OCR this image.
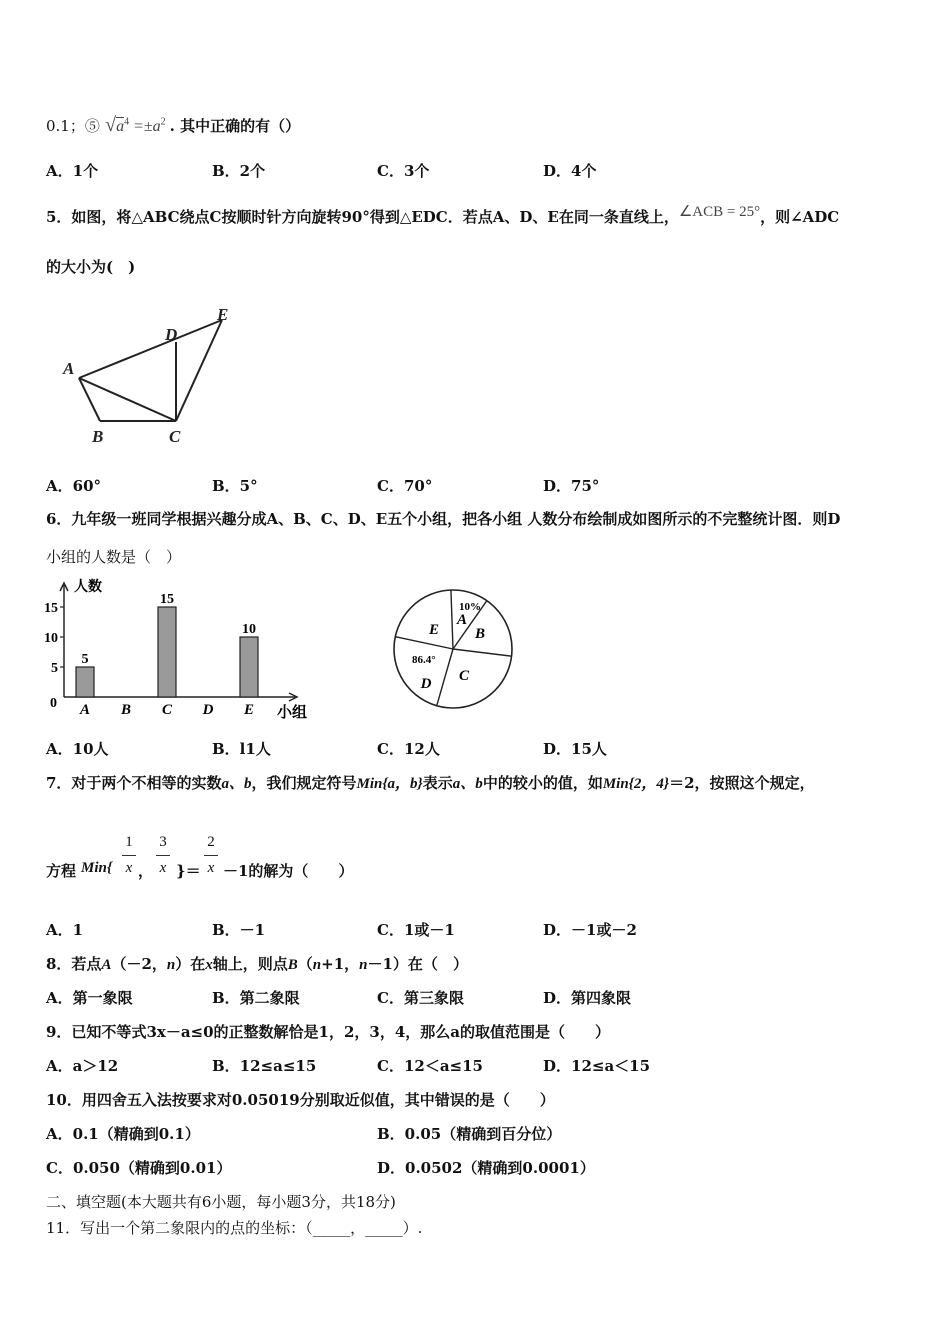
0.1；⑤ $√a^4 =\pm a^2$ . 其中正确的有（）
A．1个	B．2个	C．3个	D．4个
5．如图，将△ABC绕点C按顺时针方向旋转90°得到△EDC．若点A、D、E在同一条直线上，∠ACB = 25°，则∠ADC
的大小为(　)
A
B	C
D
E
A．60°	B．5°	C．70°	D．75°
6．九年级一班同学根据兴趣分成A、B、C、D、E五个小组，把各小组 人数分布绘制成如图所示的不完整统计图．则D
小组的人数是（　）
人数
小组
0
5
10
15
A
5
B C
15
D E
10
A
B
C
D
E
10%
86.4°
A．10人	B．l1人	C．12人	D．15人
7．对于两个不相等的实数a、b，我们规定符号Min{a，b}表示a、b中的较小的值，如Min{2，4}＝2，按照这个规定，
方程 Min{
1
x ，
3
x }＝
2
x －1的解为（　　）
A．1	B．－1	C．1或－1	D．－1或－2
8．若点A（－2，n）在x轴上，则点B（n+1，n－1）在（　）
A．第一象限	B．第二象限	C．第三象限	D．第四象限
9．已知不等式3x－a≤0的正整数解恰是1，2，3，4，那么a的取值范围是（　　）
A．a＞12	B．12≤a≤15	C．12＜a≤15	D．12≤a＜15
10．用四舍五入法按要求对0.05019分别取近似值，其中错误的是（　　）
A．0.1（精确到0.1）	B．0.05（精确到百分位）
C．0.050（精确到0.01）	D．0.0502（精确到0.0001）
二、填空题(本大题共有6小题，每小题3分，共18分)
11．写出一个第二象限内的点的坐标：（_____，_____）.
